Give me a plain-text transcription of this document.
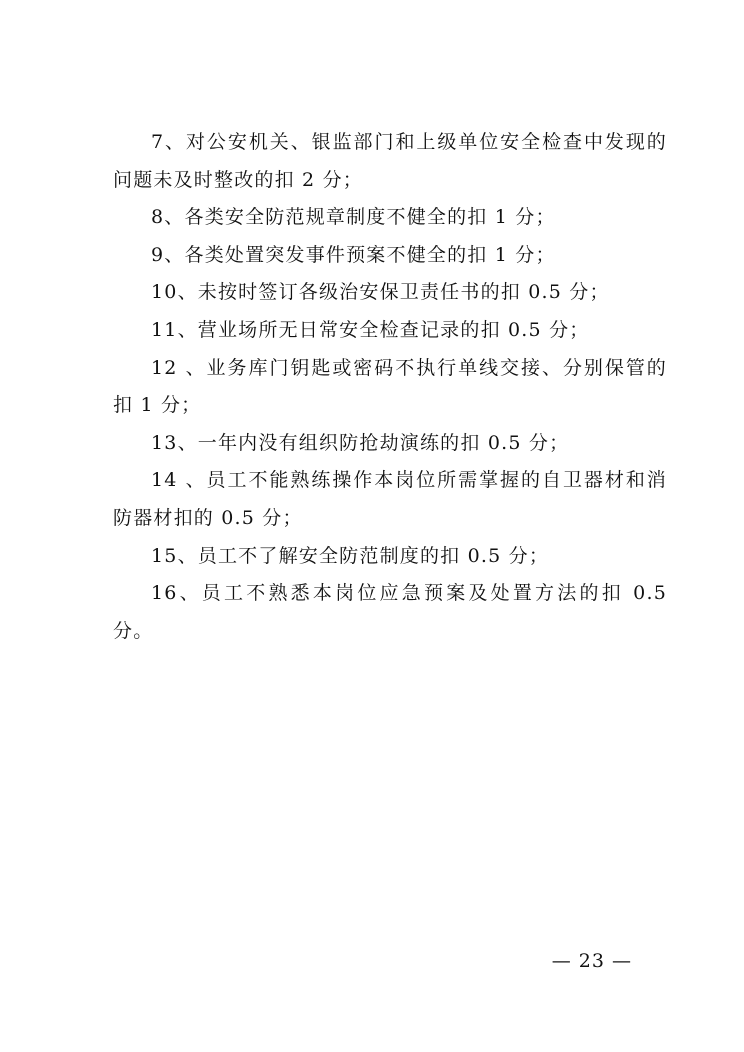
7、对公安机关、银监部门和上级单位安全检查中发现的问题未及时整改的扣 2 分；

8、各类安全防范规章制度不健全的扣 1 分；

9、各类处置突发事件预案不健全的扣 1 分；

10、未按时签订各级治安保卫责任书的扣 0.5 分；

11、营业场所无日常安全检查记录的扣 0.5 分；

12 、业务库门钥匙或密码不执行单线交接、分别保管的扣 1 分；

13、一年内没有组织防抢劫演练的扣 0.5 分；

14 、员工不能熟练操作本岗位所需掌握的自卫器材和消防器材扣的 0.5 分；

15、员工不了解安全防范制度的扣 0.5 分；

16、员工不熟悉本岗位应急预案及处置方法的扣 0.5 分。

— 23 —
